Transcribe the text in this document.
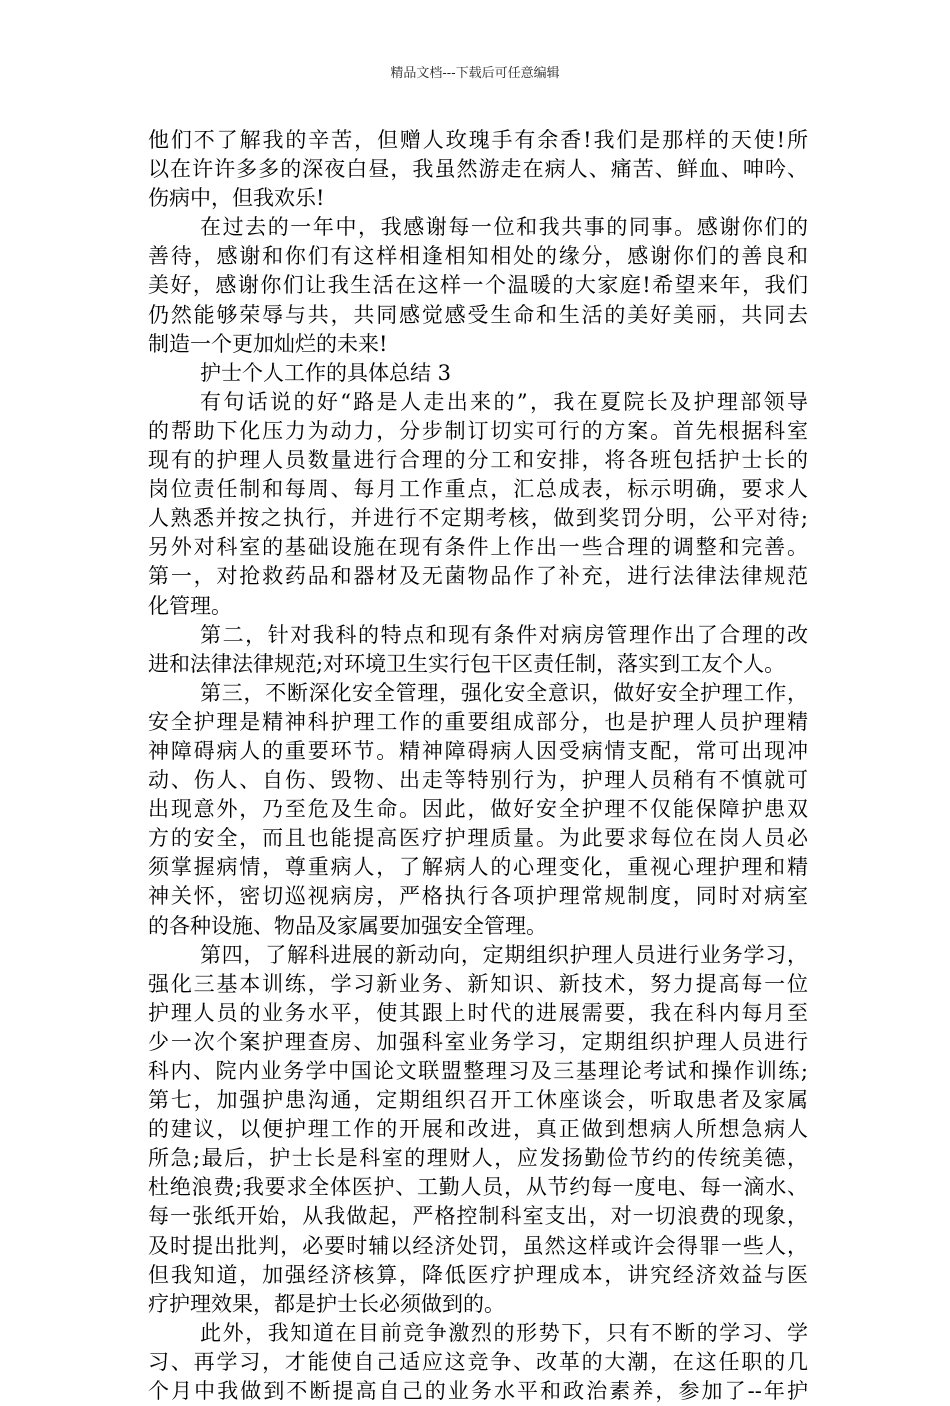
精品文档---下载后可任意编辑
他们不了解我的辛苦，但赠人玫瑰手有余香!我们是那样的天使!所
以在许许多多的深夜白昼，我虽然游走在病人、痛苦、鲜血、呻吟、
伤病中，但我欢乐!
在过去的一年中，我感谢每一位和我共事的同事。感谢你们的
善待，感谢和你们有这样相逢相知相处的缘分，感谢你们的善良和
美好，感谢你们让我生活在这样一个温暖的大家庭!希望来年，我们
仍然能够荣辱与共，共同感觉感受生命和生活的美好美丽，共同去
制造一个更加灿烂的未来!
护士个人工作的具体总结 3
有句话说的好“路是人走出来的”，我在夏院长及护理部领导
的帮助下化压力为动力，分步制订切实可行的方案。首先根据科室
现有的护理人员数量进行合理的分工和安排，将各班包括护士长的
岗位责任制和每周、每月工作重点，汇总成表，标示明确，要求人
人熟悉并按之执行，并进行不定期考核，做到奖罚分明，公平对待;
另外对科室的基础设施在现有条件上作出一些合理的调整和完善。
第一，对抢救药品和器材及无菌物品作了补充，进行法律法律规范
化管理。
第二，针对我科的特点和现有条件对病房管理作出了合理的改
进和法律法律规范;对环境卫生实行包干区责任制，落实到工友个人。
第三，不断深化安全管理，强化安全意识，做好安全护理工作，
安全护理是精神科护理工作的重要组成部分，也是护理人员护理精
神障碍病人的重要环节。精神障碍病人因受病情支配，常可出现冲
动、伤人、自伤、毁物、出走等特别行为，护理人员稍有不慎就可
出现意外，乃至危及生命。因此，做好安全护理不仅能保障护患双
方的安全，而且也能提高医疗护理质量。为此要求每位在岗人员必
须掌握病情，尊重病人，了解病人的心理变化，重视心理护理和精
神关怀，密切巡视病房，严格执行各项护理常规制度，同时对病室
的各种设施、物品及家属要加强安全管理。
第四，了解科进展的新动向，定期组织护理人员进行业务学习，
强化三基本训练，学习新业务、新知识、新技术，努力提高每一位
护理人员的业务水平，使其跟上时代的进展需要，我在科内每月至
少一次个案护理查房、加强科室业务学习，定期组织护理人员进行
科内、院内业务学中国论文联盟整理习及三基理论考试和操作训练;
第七，加强护患沟通，定期组织召开工休座谈会，听取患者及家属
的建议，以便护理工作的开展和改进，真正做到想病人所想急病人
所急;最后，护士长是科室的理财人，应发扬勤俭节约的传统美德，
杜绝浪费;我要求全体医护、工勤人员，从节约每一度电、每一滴水、
每一张纸开始，从我做起，严格控制科室支出，对一切浪费的现象，
及时提出批判，必要时辅以经济处罚，虽然这样或许会得罪一些人，
但我知道，加强经济核算，降低医疗护理成本，讲究经济效益与医
疗护理效果，都是护士长必须做到的。
此外，我知道在目前竞争激烈的形势下，只有不断的学习、学
习、再学习，才能使自己适应这竞争、改革的大潮，在这任职的几
个月中我做到不断提高自己的业务水平和政治素养，参加了--年护
